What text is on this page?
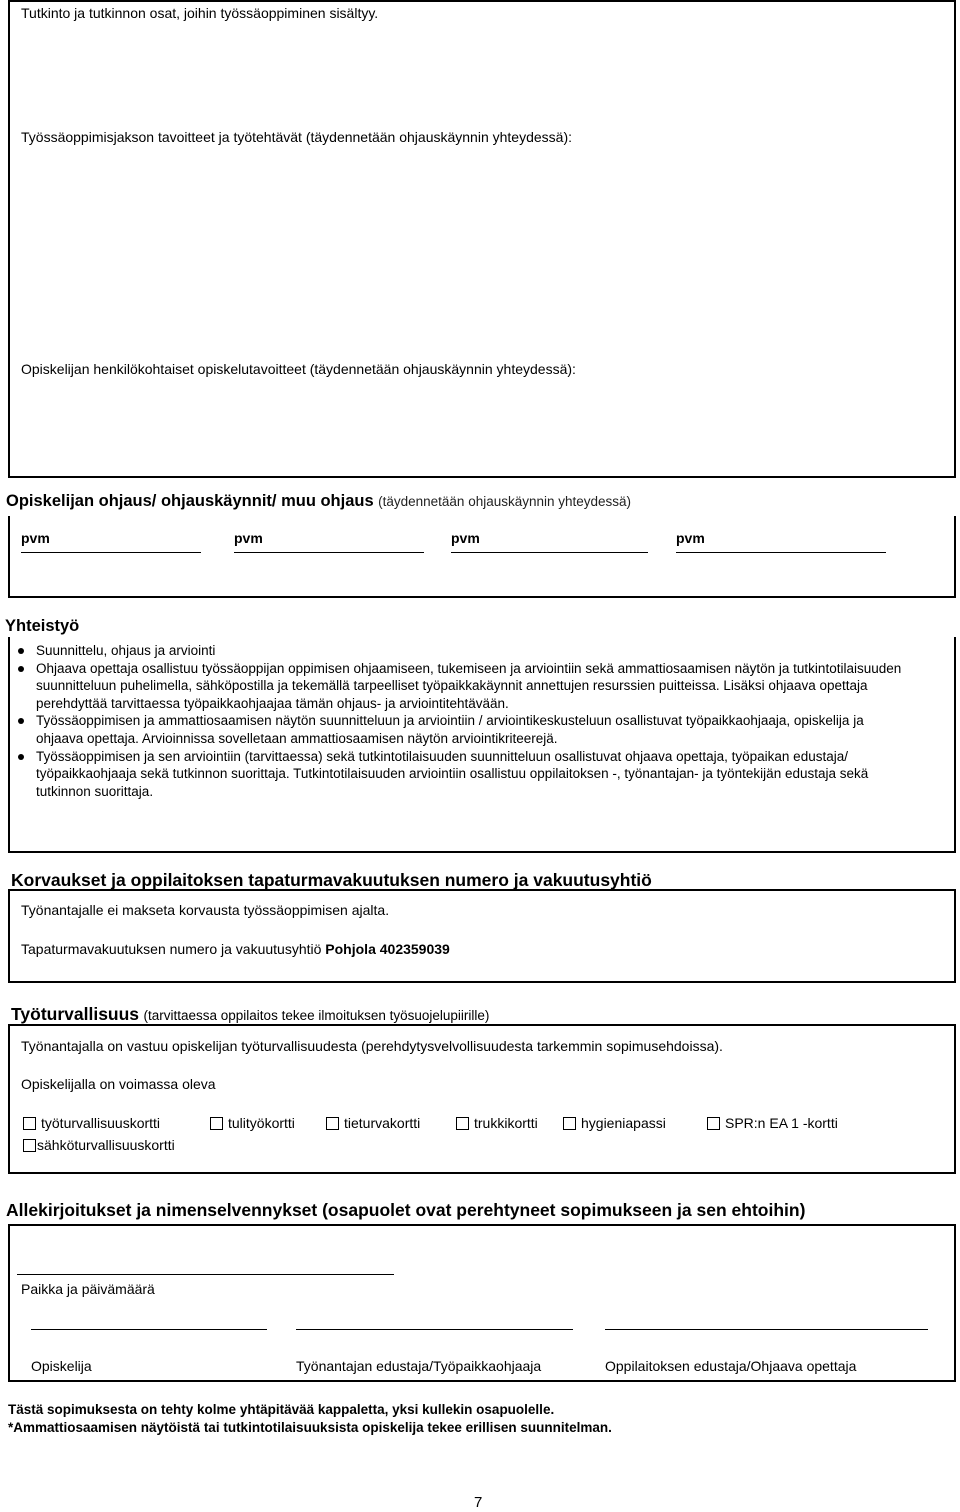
Tutkinto ja tutkinnon osat, joihin työssäoppiminen sisältyy.
Työssäoppimisjakson tavoitteet ja työtehtävät (täydennetään ohjauskäynnin yhteydessä):
Opiskelijan henkilökohtaiset opiskelutavoitteet (täydennetään ohjauskäynnin yhteydessä):
Opiskelijan ohjaus/ ohjauskäynnit/ muu ohjaus (täydennetään ohjauskäynnin yhteydessä)
pvm	pvm	pvm	pvm
Yhteistyö
Suunnittelu, ohjaus ja arviointi
Ohjaava opettaja osallistuu työssäoppijan oppimisen ohjaamiseen, tukemiseen ja arviointiin sekä ammattiosaamisen näytön ja tutkintotilaisuuden suunnitteluun puhelimella, sähköpostilla ja tekemällä tarpeelliset työpaikkakäynnit annettujen resurssien puitteissa. Lisäksi ohjaava opettaja perehdyttää tarvittaessa työpaikkaohjaajaa tämän ohjaus- ja arviointitehtävään.
Työssäoppimisen ja ammattiosaamisen näytön suunnitteluun ja arviointiin / arviointikeskusteluun osallistuvat työpaikkaohjaaja, opiskelija ja ohjaava opettaja. Arvioinnissa sovelletaan ammattiosaamisen näytön arviointikriteerejä.
Työssäoppimisen ja sen arviointiin (tarvittaessa) sekä tutkintotilaisuuden suunnitteluun osallistuvat ohjaava opettaja, työpaikan edustaja/ työpaikkaohjaaja sekä tutkinnon suorittaja. Tutkintotilaisuuden arviointiin osallistuu oppilaitoksen -, työnantajan- ja työntekijän edustaja sekä tutkinnon suorittaja.
Korvaukset ja oppilaitoksen tapaturmavakuutuksen numero ja vakuutusyhtiö
Työnantajalle ei makseta korvausta työssäoppimisen ajalta.
Tapaturmavakuutuksen numero ja vakuutusyhtiö Pohjola 402359039
Työturvallisuus (tarvittaessa oppilaitos tekee ilmoituksen työsuojelupiirille)
Työnantajalla on vastuu opiskelijan työturvallisuudesta (perehdytysvelvollisuudesta tarkemmin sopimusehdoissa).
Opiskelijalla on voimassa oleva
työturvallisuuskortti	tulityökortti	tieturvakortti	trukkikortti	hygieniapassi	SPR:n EA 1 -kortti
sähköturvallisuuskortti
Allekirjoitukset ja nimenselvennykset (osapuolet ovat perehtyneet sopimukseen ja sen ehtoihin)
Paikka ja päivämäärä
Opiskelija	Työnantajan edustaja/Työpaikkaohjaaja	Oppilaitoksen edustaja/Ohjaava opettaja
Tästä sopimuksesta on tehty kolme yhtäpitävää kappaletta, yksi kullekin osapuolelle.
*Ammattiosaamisen näytöistä tai tutkintotilaisuuksista opiskelija tekee erillisen suunnitelman.
7
